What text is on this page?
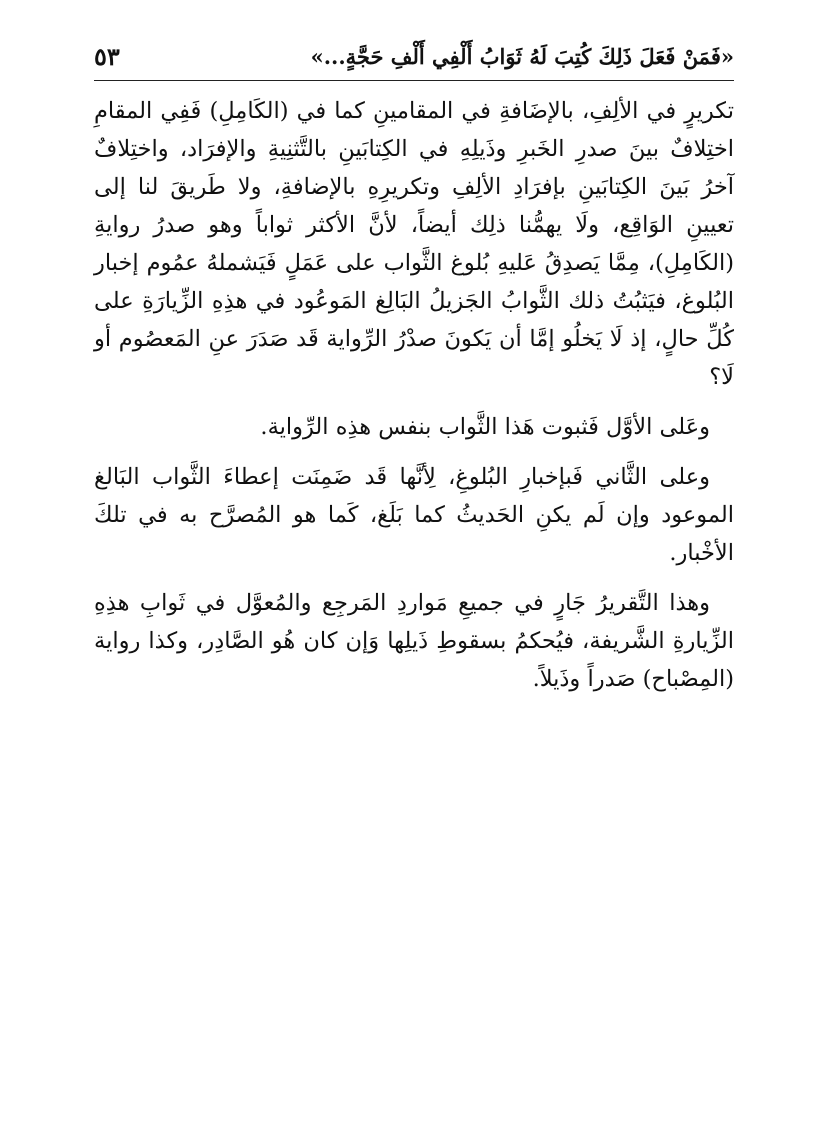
«فَمَنْ فَعَلَ ذَلِكَ كُتِبَ لَهُ ثَوَابُ أَلْفِي أَلْفِ حَجَّةٍ...»
٥٣

تكريرٍ في الألِفِ، بالإضَافةِ في المقامينِ كما في (الكَامِلِ) فَفِي المقامِ اختِلافٌ بينَ صدرِ الخَبرِ وذَيلِهِ في الكِتابَينِ بالتَّثنِيةِ والإفرَاد، واختِلافٌ آخرُ بَينَ الكِتابَينِ بإفرَادِ الألِفِ وتكريرِهِ بالإضافةِ، ولا طَريقَ لنا إلى تعيينِ الوَاقِع، ولَا يهمُّنا ذلِك أيضاً، لأنَّ الأكثر ثواباً وهو صدرُ روايةِ (الكَامِلِ)، مِمَّا يَصدِقُ عَليهِ بُلوغ الثَّواب على عَمَلٍ فَيَشملهُ عمُوم إخبار البُلوغ، فيَثبُتُ ذلك الثَّوابُ الجَزيلُ البَالِغ المَوعُود في هذِهِ الزِّيارَةِ على كُلِّ حالٍ، إذ لَا يَخلُو إمَّا أن يَكونَ صدْرُ الرِّواية قَد صَدَرَ عنِ المَعصُوم أو لَا؟

وعَلى الأوَّل فَثبوت هَذا الثَّواب بنفس هذِه الرِّواية.

وعلى الثَّاني فَبإخبارِ البُلوغِ، لِأنَّها قَد ضَمِنَت إعطاءَ الثَّواب البَالغ الموعود وإن لَم يكنِ الحَديثُ كما بَلَغ، كَما هو المُصرَّح به في تلكَ الأخْبار.

وهذا التَّقريرُ جَارٍ في جميعِ مَواردِ المَرجِع والمُعوَّل في ثَوابِ هذِهِ الزِّيارةِ الشَّريفة، فيُحكمُ بسقوطِ ذَيلِها وَإن كان هُو الصَّادِر، وكذا رواية (المِصْباح) صَدراً وذَيلاً.
